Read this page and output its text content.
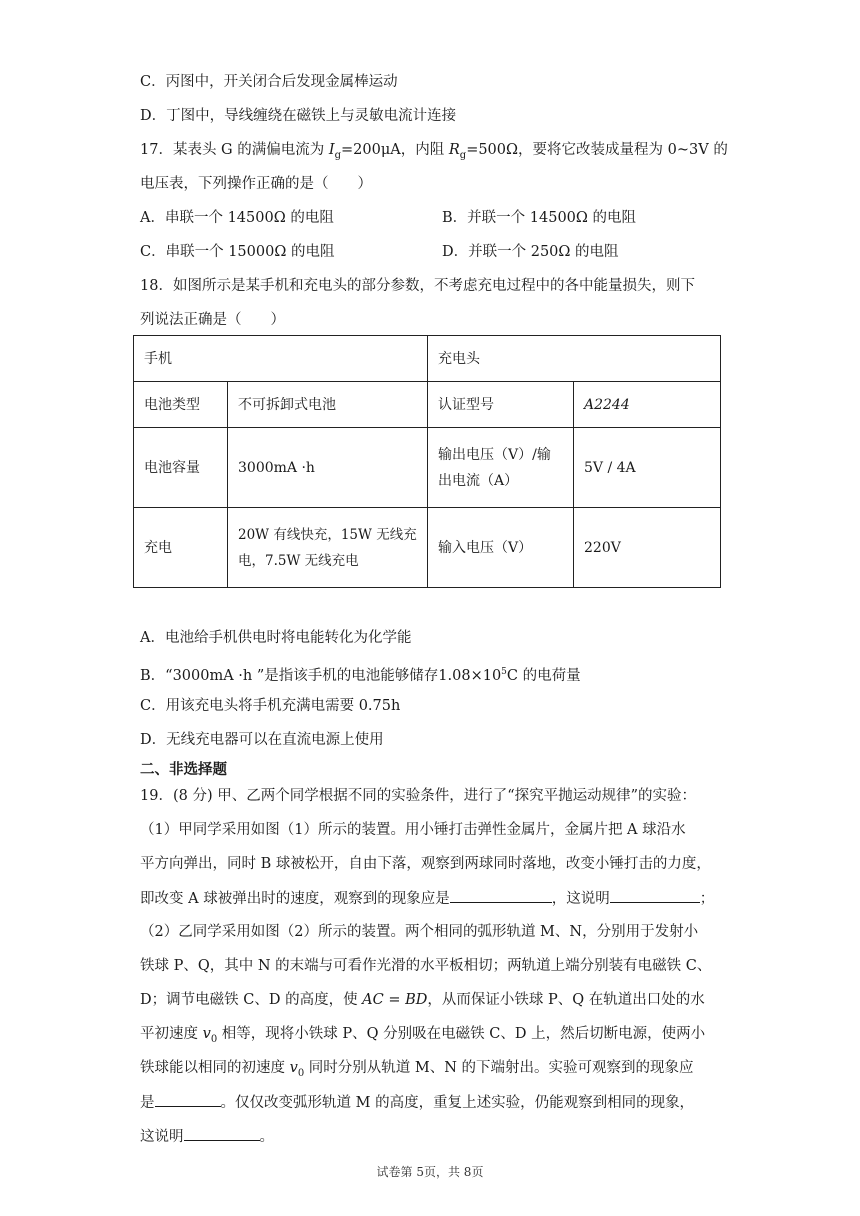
C．丙图中，开关闭合后发现金属棒运动
D．丁图中，导线缠绕在磁铁上与灵敏电流计连接
17．某表头 G 的满偏电流为 $I_g=200\mu A$，内阻 $R_g=500\Omega$，要将它改装成量程为 0~3V 的
电压表，下列操作正确的是（　　）
A．串联一个 14500Ω 的电阻	B．并联一个 14500Ω 的电阻
C．串联一个 15000Ω 的电阻	D．并联一个 250Ω 的电阻
18．如图所示是某手机和充电头的部分参数，不考虑充电过程中的各中能量损失，则下
列说法正确是（　　）
手机		充电头	
电池类型	不可拆卸式电池	认证型号	A2244
电池容量	3000mA ·h	输出电压（V）/输出电流（A）	5V / 4A
充电	20W 有线快充，15W 无线充电，7.5W 无线充电	输入电压（V）	220V
A．电池给手机供电时将电能转化为化学能
B．“3000mA ·h ”是指该手机的电池能够储存$1.08\times 10^5C$ 的电荷量
C．用该充电头将手机充满电需要 0.75h
D．无线充电器可以在直流电源上使用
二、非选择题
19．(8 分) 甲、乙两个同学根据不同的实验条件，进行了“探究平抛运动规律”的实验：
（1）甲同学采用如图（1）所示的装置。用小锤打击弹性金属片，金属片把 A 球沿水
平方向弹出，同时 B 球被松开，自由下落，观察到两球同时落地，改变小锤打击的力度，
即改变 A 球被弹出时的速度，观察到的现象应是	，这说明	；
（2）乙同学采用如图（2）所示的装置。两个相同的弧形轨道 M、N，分别用于发射小
铁球 P、Q，其中 N 的末端与可看作光滑的水平板相切；两轨道上端分别装有电磁铁 C、
D；调节电磁铁 C、D 的高度，使 AC = BD，从而保证小铁球 P、Q 在轨道出口处的水
平初速度 $v_0$ 相等，现将小铁球 P、Q 分别吸在电磁铁 C、D 上，然后切断电源，使两小
铁球能以相同的初速度 $v_0$ 同时分别从轨道 M、N 的下端射出。实验可观察到的现象应
是	。仅仅改变弧形轨道 M 的高度，重复上述实验，仍能观察到相同的现象，
这说明	。
试卷第 5页，共 8页
